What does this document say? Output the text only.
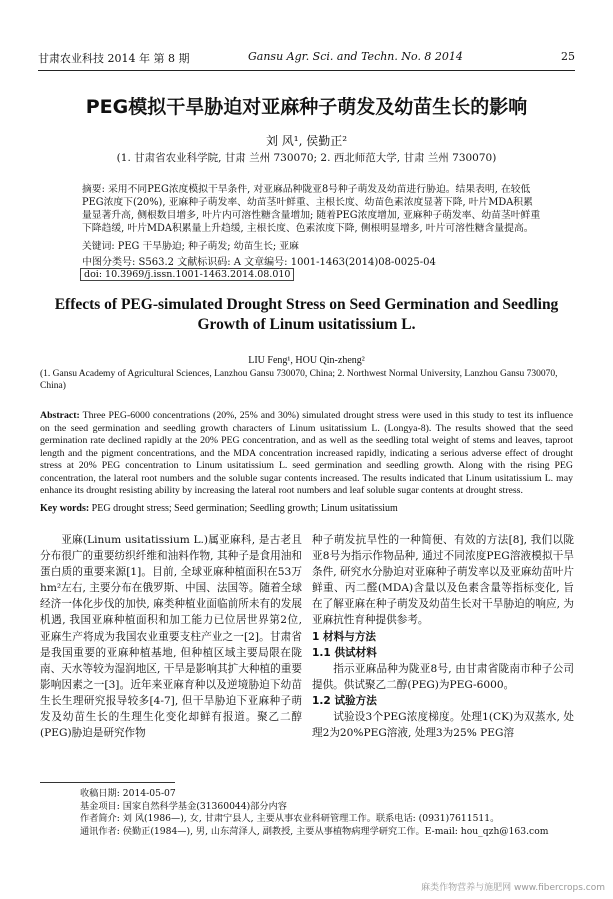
甘肃农业科技 2014 年 第 8 期	Gansu Agr. Sci. and Techn. No. 8 2014	25
PEG模拟干旱胁迫对亚麻种子萌发及幼苗生长的影响
刘 风¹, 侯勤正²
(1. 甘肃省农业科学院, 甘肃 兰州 730070; 2. 西北师范大学, 甘肃 兰州 730070)
摘要: 采用不同PEG浓度模拟干旱条件, 对亚麻品种陇亚8号种子萌发及幼苗进行胁迫。结果表明, 在较低PEG浓度下(20%), 亚麻种子萌发率、幼苗茎叶鲜重、主根长度、幼苗色素浓度显著下降, 叶片MDA积累量显著升高, 侧根数目增多, 叶片内可溶性糖含量增加; 随着PEG浓度增加, 亚麻种子萌发率、幼苗茎叶鲜重下降趋缓, 叶片MDA积累量上升趋缓, 主根长度、色素浓度下降, 侧根明显增多, 叶片可溶性糖含量提高。
关键词: PEG 干旱胁迫; 种子萌发; 幼苗生长; 亚麻
中图分类号: S563.2 文献标识码: A 文章编号: 1001-1463(2014)08-0025-04
doi: 10.3969/j.issn.1001-1463.2014.08.010
Effects of PEG-simulated Drought Stress on Seed Germination and Seedling Growth of Linum usitatissium L.
LIU Feng¹, HOU Qin-zheng²
(1. Gansu Academy of Agricultural Sciences, Lanzhou Gansu 730070, China; 2. Northwest Normal University, Lanzhou Gansu 730070, China)
Abstract: Three PEG-6000 concentrations (20%, 25% and 30%) simulated drought stress were used in this study to test its influence on the seed germination and seedling growth characters of Linum usitatissium L. (Longya-8). The results showed that the seed germination rate declined rapidly at the 20% PEG concentration, and as well as the seedling total weight of stems and leaves, taproot length and the pigment concentrations, and the MDA concentration increased rapidly, indicating a serious adverse effect of drought stress at 20% PEG concentration to Linum usitatissium L. seed germination and seedling growth. Along with the rising PEG concentration, the lateral root numbers and the soluble sugar contents increased. The results indicated that Linum usitatissium L. may enhance its drought resisting ability by increasing the lateral root numbers and leaf soluble sugar contents at drought stress.
Key words: PEG drought stress; Seed germination; Seedling growth; Linum usitatissium

亚麻(Linum usitatissium L.)属亚麻科, 是古老且分布很广的重要纺织纤维和油料作物, 其种子是食用油和蛋白质的重要来源[1]。目前, 全球亚麻种植面积在53万hm²左右, 主要分布在俄罗斯、中国、法国等。随着全球经济一体化步伐的加快, 麻类种植业面临前所未有的发展机遇, 我国亚麻种植面积和加工能力已位居世界第2位, 亚麻生产将成为我国农业重要支柱产业之一[2]。甘肃省是我国重要的亚麻种植基地, 但种植区域主要局限在陇南、天水等较为湿润地区, 干旱是影响其扩大种植的重要影响因素之一[3]。近年来亚麻育种以及逆境胁迫下幼苗生长生理研究报导较多[4-7], 但干旱胁迫下亚麻种子萌发及幼苗生长的生理生化变化却鲜有报道。聚乙二醇(PEG)胁迫是研究作物

种子萌发抗旱性的一种简便、有效的方法[8], 我们以陇亚8号为指示作物品种, 通过不同浓度PEG溶液模拟干旱条件, 研究水分胁迫对亚麻种子萌发率以及亚麻幼苗叶片鲜重、丙二醛(MDA)含量以及色素含量等指标变化, 旨在了解亚麻在种子萌发及幼苗生长对干旱胁迫的响应, 为亚麻抗性育种提供参考。

1 材料与方法

1.1 供试材料

指示亚麻品种为陇亚8号, 由甘肃省陇南市种子公司提供。供试聚乙二醇(PEG)为PEG-6000。

1.2 试验方法

试验设3个PEG浓度梯度。处理1(CK)为双蒸水, 处理2为20%PEG溶液, 处理3为25% PEG溶

收稿日期: 2014-05-07

基金项目: 国家自然科学基金(31360044)部分内容

作者简介: 刘 风(1986—), 女, 甘肃宁县人, 主要从事农业科研管理工作。联系电话: (0931)7611511。

通讯作者: 侯勤正(1984—), 男, 山东菏泽人, 副教授, 主要从事植物病理学研究工作。E-mail: hou_qzh@163.com

麻类作物营养与施肥网 www.fibercrops.com
